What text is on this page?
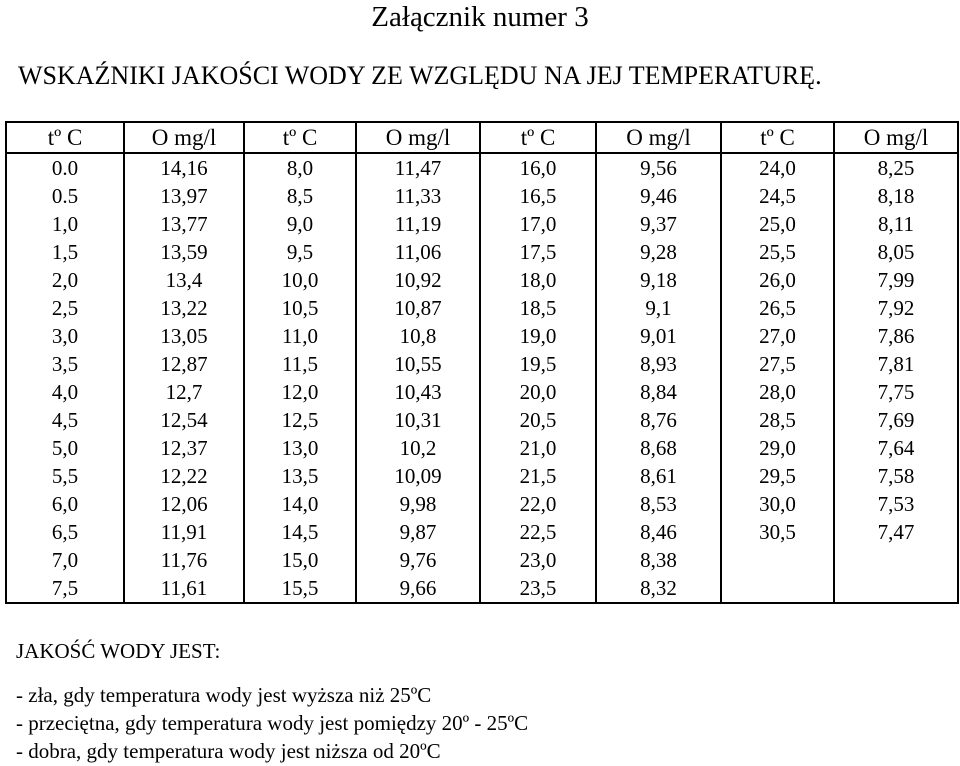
Załącznik numer 3
WSKAŹNIKI JAKOŚCI WODY ZE WZGLĘDU NA JEJ TEMPERATURĘ.
tº C	O mg/l	tº C	O mg/l	tº C	O mg/l	tº C	O mg/l
0.0	14,16	8,0	11,47	16,0	9,56	24,0	8,25
0.5	13,97	8,5	11,33	16,5	9,46	24,5	8,18
1,0	13,77	9,0	11,19	17,0	9,37	25,0	8,11
1,5	13,59	9,5	11,06	17,5	9,28	25,5	8,05
2,0	13,4	10,0	10,92	18,0	9,18	26,0	7,99
2,5	13,22	10,5	10,87	18,5	9,1	26,5	7,92
3,0	13,05	11,0	10,8	19,0	9,01	27,0	7,86
3,5	12,87	11,5	10,55	19,5	8,93	27,5	7,81
4,0	12,7	12,0	10,43	20,0	8,84	28,0	7,75
4,5	12,54	12,5	10,31	20,5	8,76	28,5	7,69
5,0	12,37	13,0	10,2	21,0	8,68	29,0	7,64
5,5	12,22	13,5	10,09	21,5	8,61	29,5	7,58
6,0	12,06	14,0	9,98	22,0	8,53	30,0	7,53
6,5	11,91	14,5	9,87	22,5	8,46	30,5	7,47
7,0	11,76	15,0	9,76	23,0	8,38		
7,5	11,61	15,5	9,66	23,5	8,32		
JAKOŚĆ WODY JEST:
- zła, gdy temperatura wody jest wyższa niż 25ºC
- przeciętna, gdy temperatura wody jest pomiędzy 20º - 25ºC
- dobra, gdy temperatura wody jest niższa od 20ºC
